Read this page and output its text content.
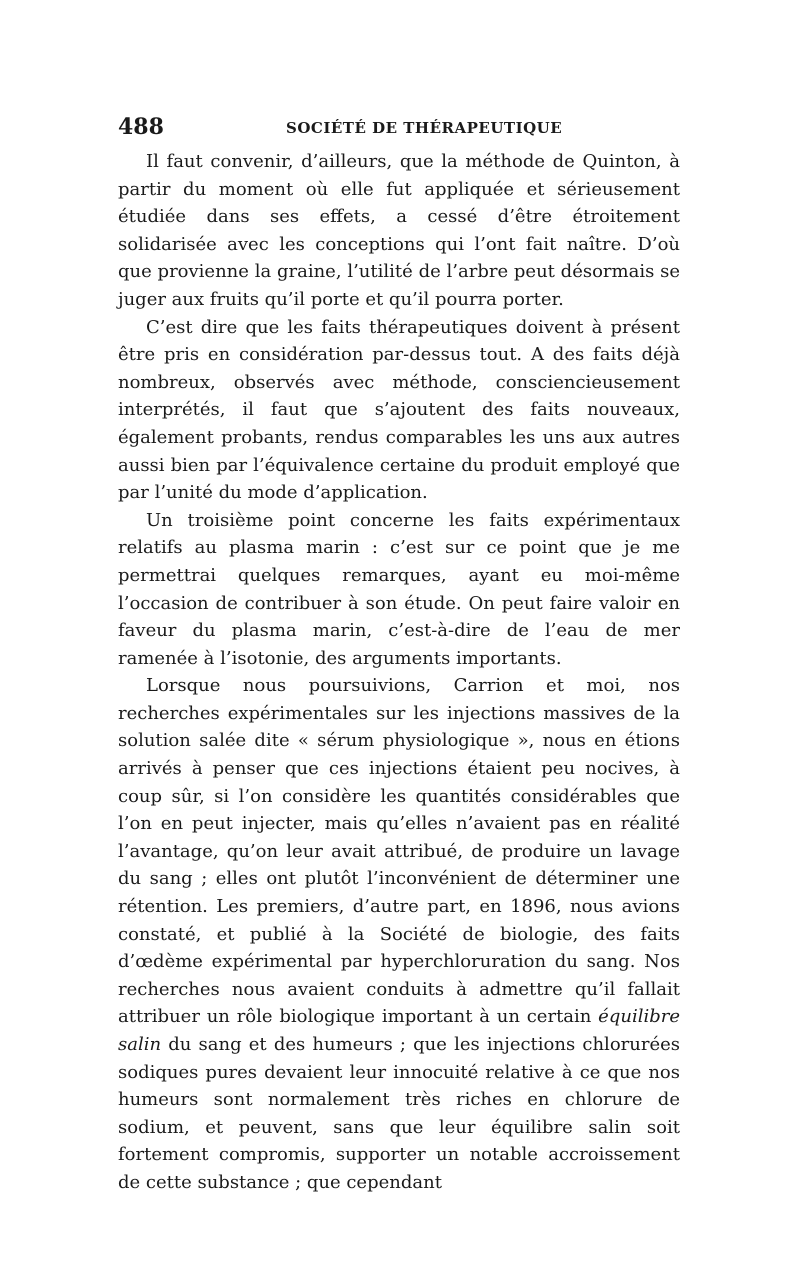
488	SOCIÉTÉ DE THÉRAPEUTIQUE

Il faut convenir, d’ailleurs, que la méthode de Quinton, à partir du moment où elle fut appliquée et sérieusement étudiée dans ses effets, a cessé d’être étroitement solidarisée avec les conceptions qui l’ont fait naître. D’où que provienne la graine, l’utilité de l’arbre peut désormais se juger aux fruits qu’il porte et qu’il pourra porter.

C’est dire que les faits thérapeutiques doivent à présent être pris en considération par-dessus tout. A des faits déjà nombreux, observés avec méthode, consciencieusement interprétés, il faut que s’ajoutent des faits nouveaux, également probants, rendus comparables les uns aux autres aussi bien par l’équivalence certaine du produit employé que par l’unité du mode d’application.

Un troisième point concerne les faits expérimentaux relatifs au plasma marin : c’est sur ce point que je me permettrai quelques remarques, ayant eu moi-même l’occasion de contribuer à son étude. On peut faire valoir en faveur du plasma marin, c’est-à-dire de l’eau de mer ramenée à l’isotonie, des arguments importants.

Lorsque nous poursuivions, Carrion et moi, nos recherches expérimentales sur les injections massives de la solution salée dite « sérum physiologique », nous en étions arrivés à penser que ces injections étaient peu nocives, à coup sûr, si l’on considère les quantités considérables que l’on en peut injecter, mais qu’elles n’avaient pas en réalité l’avantage, qu’on leur avait attribué, de produire un lavage du sang ; elles ont plutôt l’inconvénient de déterminer une rétention. Les premiers, d’autre part, en 1896, nous avions constaté, et publié à la Société de biologie, des faits d’œdème expérimental par hyperchloruration du sang. Nos recherches nous avaient conduits à admettre qu’il fallait attribuer un rôle biologique important à un certain équilibre salin du sang et des humeurs ; que les injections chlorurées sodiques pures devaient leur innocuité relative à ce que nos humeurs sont normalement très riches en chlorure de sodium, et peuvent, sans que leur équilibre salin soit fortement compromis, supporter un notable accroissement de cette substance ; que cependant
